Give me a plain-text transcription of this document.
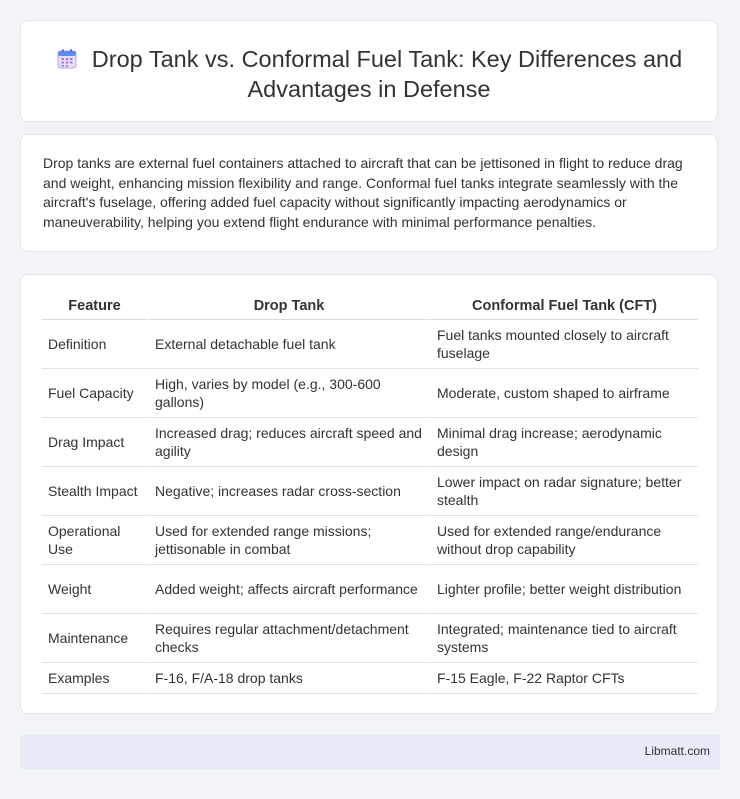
Drop Tank vs. Conformal Fuel Tank: Key Differences and Advantages in Defense

Drop tanks are external fuel containers attached to aircraft that can be jettisoned in flight to reduce drag and weight, enhancing mission flexibility and range. Conformal fuel tanks integrate seamlessly with the aircraft's fuselage, offering added fuel capacity without significantly impacting aerodynamics or maneuverability, helping you extend flight endurance with minimal performance penalties.

Feature	Drop Tank	Conformal Fuel Tank (CFT)
Definition	External detachable fuel tank	Fuel tanks mounted closely to aircraft fuselage
Fuel Capacity	High, varies by model (e.g., 300-600 gallons)	Moderate, custom shaped to airframe
Drag Impact	Increased drag; reduces aircraft speed and agility	Minimal drag increase; aerodynamic design
Stealth Impact	Negative; increases radar cross-section	Lower impact on radar signature; better stealth
Operational Use	Used for extended range missions; jettisonable in combat	Used for extended range/endurance without drop capability
Weight	Added weight; affects aircraft performance	Lighter profile; better weight distribution
Maintenance	Requires regular attachment/detachment checks	Integrated; maintenance tied to aircraft systems
Examples	F-16, F/A-18 drop tanks	F-15 Eagle, F-22 Raptor CFTs
Libmatt.com
